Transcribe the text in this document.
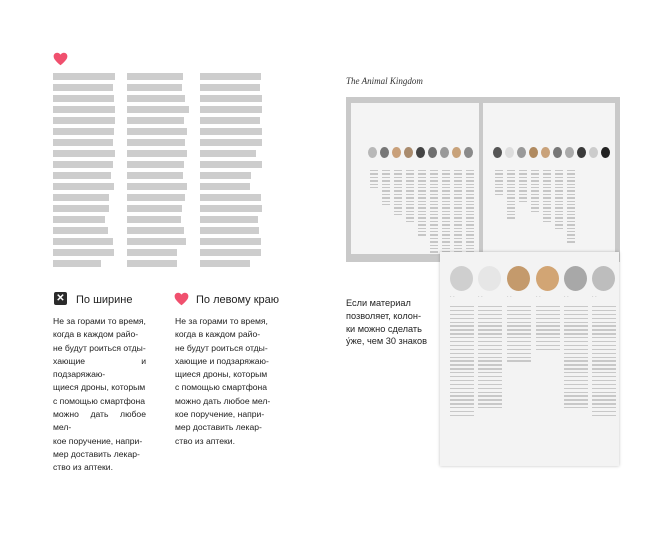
✕ По ширине
Не за горами то время,
когда в каждом райо-
не будут роиться отды-
хающие и подзаряжаю-
щиеся дроны, которым
с помощью смартфона
можно дать любое мел-
кое поручение, напри-
мер доставить лекар-
ство из аптеки.
По левому краю
Не за горами то время,
когда в каждом райо-
не будут роиться отды-
хающие и подзаряжаю-
щиеся дроны, которым
с помощью смартфона
можно дать любое мел-
кое поручение, напри-
мер доставить лекар-
ство из аптеки.
The Animal Kingdom
Если материал
позволяет, колон-
ки можно сделать
у́же, чем 30 знаков
· ·
 	· ·
 	· ·
 	· ·
 	· ·
 	· ·
